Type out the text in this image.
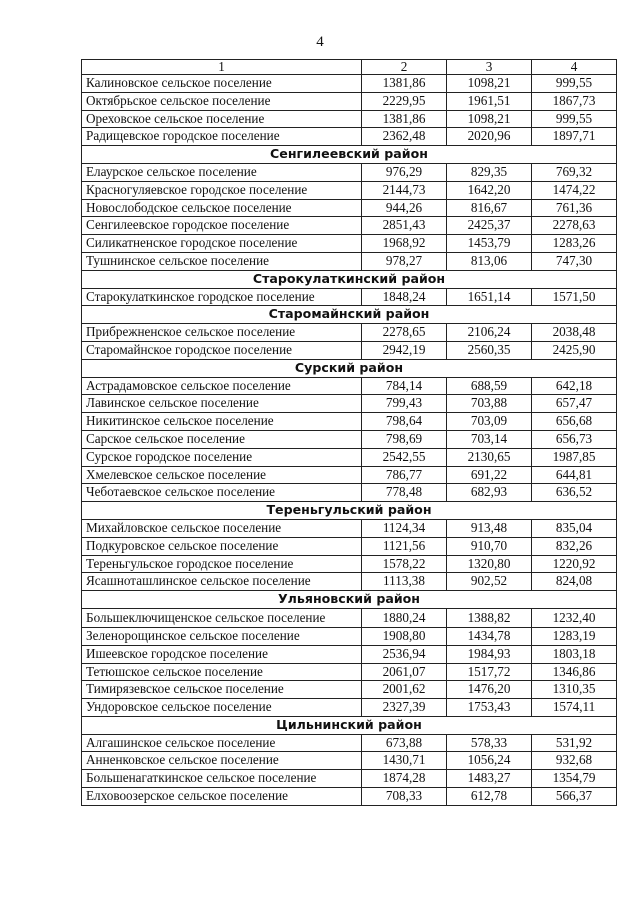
4
1	2	3	4
Калиновское сельское поселение	1381,86	1098,21	999,55
Октябрьское сельское поселение	2229,95	1961,51	1867,73
Ореховское сельское поселение	1381,86	1098,21	999,55
Радищевское городское поселение	2362,48	2020,96	1897,71
Сенгилеевский район			
Елаурское сельское поселение	976,29	829,35	769,32
Красногуляевское городское поселение	2144,73	1642,20	1474,22
Новослободское сельское поселение	944,26	816,67	761,36
Сенгилеевское городское поселение	2851,43	2425,37	2278,63
Силикатненское городское поселение	1968,92	1453,79	1283,26
Тушнинское сельское поселение	978,27	813,06	747,30
Старокулаткинский район			
Старокулаткинское городское поселение	1848,24	1651,14	1571,50
Старомайнский район			
Прибрежненское сельское поселение	2278,65	2106,24	2038,48
Старомайнское городское поселение	2942,19	2560,35	2425,90
Сурский район			
Астрадамовское сельское поселение	784,14	688,59	642,18
Лавинское сельское поселение	799,43	703,88	657,47
Никитинское сельское поселение	798,64	703,09	656,68
Сарское сельское поселение	798,69	703,14	656,73
Сурское городское поселение	2542,55	2130,65	1987,85
Хмелевское сельское поселение	786,77	691,22	644,81
Чеботаевское сельское поселение	778,48	682,93	636,52
Тереньгульский район			
Михайловское сельское поселение	1124,34	913,48	835,04
Подкуровское сельское поселение	1121,56	910,70	832,26
Тереньгульское городское поселение	1578,22	1320,80	1220,92
Ясашноташлинское сельское поселение	1113,38	902,52	824,08
Ульяновский район			
Большеключищенское сельское поселение	1880,24	1388,82	1232,40
Зеленорощинское сельское поселение	1908,80	1434,78	1283,19
Ишеевское городское поселение	2536,94	1984,93	1803,18
Тетюшское сельское поселение	2061,07	1517,72	1346,86
Тимирязевское сельское поселение	2001,62	1476,20	1310,35
Ундоровское сельское поселение	2327,39	1753,43	1574,11
Цильнинский район			
Алгашинское сельское поселение	673,88	578,33	531,92
Анненковское сельское поселение	1430,71	1056,24	932,68
Большенагаткинское сельское поселение	1874,28	1483,27	1354,79
Елховоозерское сельское поселение	708,33	612,78	566,37
